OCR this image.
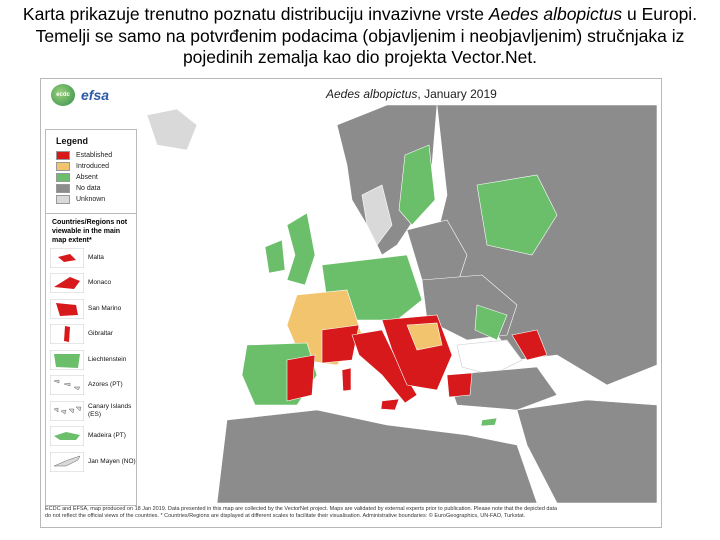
Karta prikazuje trenutno poznatu distribuciju invazivne vrste Aedes albopictus u Europi.

Temelji se samo na potvrđenim podacima (objavljenim i neobjavljenim) stručnjaka iz

pojedinih zemalja kao dio projekta Vector.Net.

ecdc efsa	Aedes albopictus, January 2019
Legend
Established
Introduced
Absent
No data
Unknown
Countries/Regions not viewable in the main map extent*
Malta
Monaco
San Marino
Gibraltar
Liechtenstein
Azores (PT)
Canary Islands (ES)
Madeira (PT)
Jan Mayen (NO)
ECDC and EFSA, map produced on 18 Jan 2019. Data presented in this map are collected by the VectorNet project. Maps are validated by external experts prior to publication. Please note that the depicted data
do not reflect the official views of the countries. * Countries/Regions are displayed at different scales to facilitate their visualisation. Administrative boundaries: © EuroGeographics, UN-FAO, Turkstat.
